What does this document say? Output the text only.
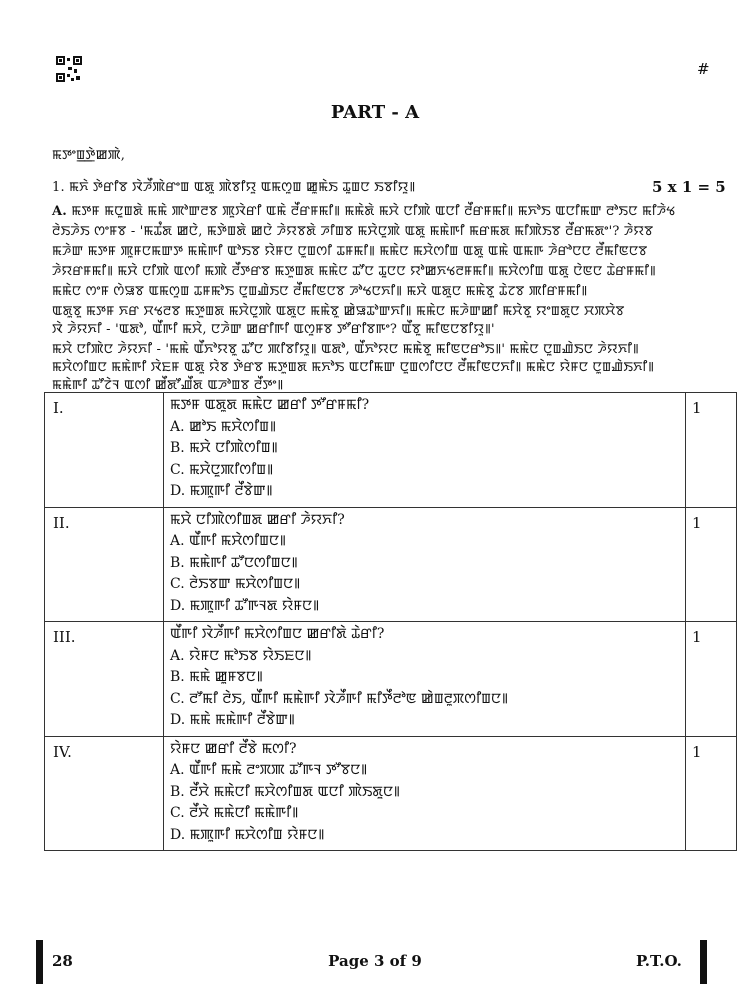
#
PART - A
ꯃꯇꯦꯡ꯭ꯇꯥꯀꯄꯥ,
1. ꯃꯈꯥ ꯇꯥꯔꯤꯕ ꯋꯥꯍꯩꯄꯥꯔꯦꯡ ꯑꯗꯨ ꯄꯥꯕꯤꯌꯨ ꯑꯃꯁꯨꯡ ꯀꯨꯃꯥꯏ ꯊꯨꯡꯅ ꯏꯕꯤꯌꯨ꯫	5 x 1 = 5
A. ꯃꯇꯝ ꯃꯅꯨꯡꯗꯥ ꯃꯃꯥ ꯄꯣꯛꯂꯕ ꯄꯨꯋꯥꯔꯤ ꯑꯃꯥ ꯂꯩꯔꯝꯃꯤ꯫ ꯃꯃꯥꯗꯥ ꯃꯆꯥ ꯅꯤꯄꯥ ꯑꯅꯤ ꯂꯩꯔꯝꯃꯤ꯫ ꯃꯈꯣꯏ ꯑꯅꯤꯃꯛ ꯂꯣꯏꯅ ꯃꯤꯍꯥꯠ
ꯂꯥꯏꯍꯥꯏ ꯁꯦꯝꯕ - 'ꯃꯊꯪꯗ ꯀꯅꯥ, ꯃꯇꯥꯡꯗꯥ ꯀꯅꯥ ꯍꯥꯌꯕꯗꯥ ꯍꯤꯡꯕ ꯃꯆꯥꯅꯨꯄꯥ ꯑꯗꯨ ꯃꯃꯥꯒꯤ ꯃꯔꯃꯗ ꯃꯤꯄꯥꯏꯕ ꯂꯩꯔꯃꯗꯦ'? ꯍꯥꯌꯕ
ꯃꯍꯥꯛ ꯃꯇꯝ ꯄꯨꯝꯅꯃꯛꯇ ꯃꯃꯥꯒꯤ ꯑꯣꯏꯕ ꯌꯥꯝꯅ ꯅꯨꯡꯁꯤ ꯊꯝꯃꯤ꯫ ꯃꯃꯥꯅ ꯃꯆꯥꯁꯤꯡ ꯑꯗꯨ ꯑꯃꯥ ꯑꯃꯒ ꯍꯥꯔꯣꯅꯅ ꯂꯩꯃꯤꯟꯅꯕ
ꯍꯥꯌꯔꯝꯃꯤ꯫ ꯃꯆꯥ ꯅꯤꯄꯥ ꯑꯁꯤ ꯃꯄꯥ ꯂꯩꯇꯔꯕ ꯃꯇꯨꯡꯗ ꯃꯃꯥꯅ ꯊꯧꯅ ꯊꯨꯅꯅ ꯌꯣꯀꯈꯠꯂꯝꯃꯤ꯫ ꯃꯆꯥꯁꯤꯡ ꯑꯗꯨ ꯅꯥꯟꯅ ꯊꯥꯔꯝꯃꯤ꯫
ꯃꯃꯥꯅ ꯁꯦꯝ ꯁꯥꯎꯕ ꯑꯃꯁꯨꯡ ꯊꯝꯃꯣꯏ ꯅꯨꯡꯉꯥꯏꯅ ꯂꯩꯃꯤꯟꯅꯕ ꯍꯣꯠꯅꯈꯤ꯫ ꯃꯆꯥ ꯑꯗꯨꯅ ꯃꯃꯥꯕꯨ ꯊꯥꯖꯕ ꯄꯤꯔꯝꯃꯤ꯫
ꯑꯗꯨꯕꯨ ꯃꯇꯝ ꯈꯔ ꯆꯠꯂꯕ ꯃꯇꯨꯡꯗ ꯃꯆꯥꯅꯨꯄꯥ ꯑꯗꯨꯅ ꯃꯃꯥꯕꯨ ꯀꯥꯎꯊꯣꯛꯈꯤ꯫ ꯃꯃꯥꯅ ꯃꯍꯥꯛꯀꯤ ꯃꯆꯥꯕꯨ ꯌꯦꯡꯗꯨꯅ ꯆꯞꯆꯥꯕ
ꯋꯥ ꯍꯥꯌꯈꯤ - 'ꯑꯗꯣ, ꯑꯩꯒꯤ ꯃꯆꯥ, ꯅꯍꯥꯛ ꯀꯔꯤꯒꯤ ꯑꯁꯨꯝꯕ ꯇꯧꯔꯤꯕꯒꯦ? ꯑꯩꯕꯨ ꯃꯤꯟꯅꯕꯤꯌꯨ꯫'
ꯃꯆꯥ ꯅꯤꯄꯥꯅ ꯍꯥꯌꯈꯤ - 'ꯃꯃꯥ ꯑꯩꯈꯣꯌꯕꯨ ꯊꯧꯅ ꯄꯤꯕꯤꯌꯨ꯫ ꯑꯗꯣ, ꯑꯩꯈꯣꯌꯅ ꯃꯃꯥꯕꯨ ꯃꯤꯟꯅꯔꯣꯏ꯫' ꯃꯃꯥꯅ ꯅꯨꯡꯉꯥꯏꯅ ꯍꯥꯌꯈꯤ꯫
ꯃꯆꯥꯁꯤꯡꯅ ꯃꯃꯥꯒꯤ ꯋꯥꯐꯝ ꯑꯗꯨ ꯌꯥꯕ ꯇꯥꯔꯕ ꯃꯇꯨꯡꯗ ꯃꯈꯣꯏ ꯑꯅꯤꯃꯛ ꯅꯨꯡꯁꯤꯅꯅ ꯂꯩꯃꯤꯟꯅꯈꯤ꯫ ꯃꯃꯥꯅ ꯌꯥꯝꯅ ꯅꯨꯡꯉꯥꯏꯈꯤ꯫
ꯃꯃꯥꯒꯤ ꯊꯧꯖꯥꯜ ꯑꯁꯤ ꯀꯩꯗꯧꯉꯩꯗ ꯑꯍꯣꯡꯕ ꯂꯩꯇꯦ꯫
I.	ꯃꯇꯝ ꯑꯗꯨꯗ ꯃꯃꯥꯅ ꯀꯔꯤ ꯇꯧꯔꯝꯃꯤ?
A. ꯀꯣꯏ ꯃꯆꯥꯁꯤꯡ꯫
B. ꯃꯆꯥ ꯅꯤꯄꯥꯁꯤꯡ꯫
C. ꯃꯆꯥꯅꯨꯄꯤꯁꯤꯡ꯫
D. ꯃꯄꯨꯒꯤ ꯂꯩꯕꯥꯛ꯫	1
II.	ꯃꯆꯥ ꯅꯤꯄꯥꯁꯤꯡꯗ ꯀꯔꯤ ꯍꯥꯌꯈꯤ?
A. ꯑꯩꯒꯤ ꯃꯆꯥꯁꯤꯡꯅ꯫
B. ꯃꯃꯥꯒꯤ ꯊꯧꯅꯁꯤꯡꯅ꯫
C. ꯂꯥꯏꯕꯛ ꯃꯆꯥꯁꯤꯡꯅ꯫
D. ꯃꯄꯨꯒꯤ ꯊꯧꯒꯜꯗ ꯌꯥꯝꯅ꯫	1
III.	ꯑꯩꯒꯤ ꯋꯥꯍꯩꯒꯤ ꯃꯆꯥꯁꯤꯡꯅ ꯀꯔꯤꯗꯥ ꯊꯥꯔꯤ?
A. ꯌꯥꯝꯅ ꯃꯣꯏꯕ ꯌꯥꯏꯐꯅ꯫
B. ꯃꯃꯥ ꯀꯨꯝꯕꯅ꯫
C. ꯂꯧꯃꯤ ꯂꯥꯏ, ꯑꯩꯒꯤ ꯃꯃꯥꯒꯤ ꯋꯥꯍꯩꯒꯤ ꯃꯤꯇꯩꯂꯣꯟ ꯀꯥꯡꯂꯨꯞꯁꯤꯡꯅ꯫
D. ꯃꯃꯥ ꯃꯃꯥꯒꯤ ꯂꯩꯕꯥꯛ꯫	1
IV.	ꯌꯥꯝꯅ ꯀꯔꯤ ꯂꯩꯕꯥ ꯃꯁꯤ?
A. ꯑꯩꯒꯤ ꯃꯃꯥ ꯂꯦꯞꯄ ꯊꯧꯒꯜ ꯇꯧꯕꯅ꯫
B. ꯂꯩꯆꯥ ꯃꯃꯥꯅꯤ ꯃꯆꯥꯁꯤꯡꯗ ꯑꯅꯤ ꯄꯥꯏꯗꯨꯅ꯫
C. ꯂꯩꯆꯥ ꯃꯃꯥꯅꯤ ꯃꯃꯥꯒꯤ꯫
D. ꯃꯄꯨꯒꯤ ꯃꯆꯥꯁꯤꯡ ꯌꯥꯝꯅ꯫	1
28	Page 3 of 9	P.T.O.
